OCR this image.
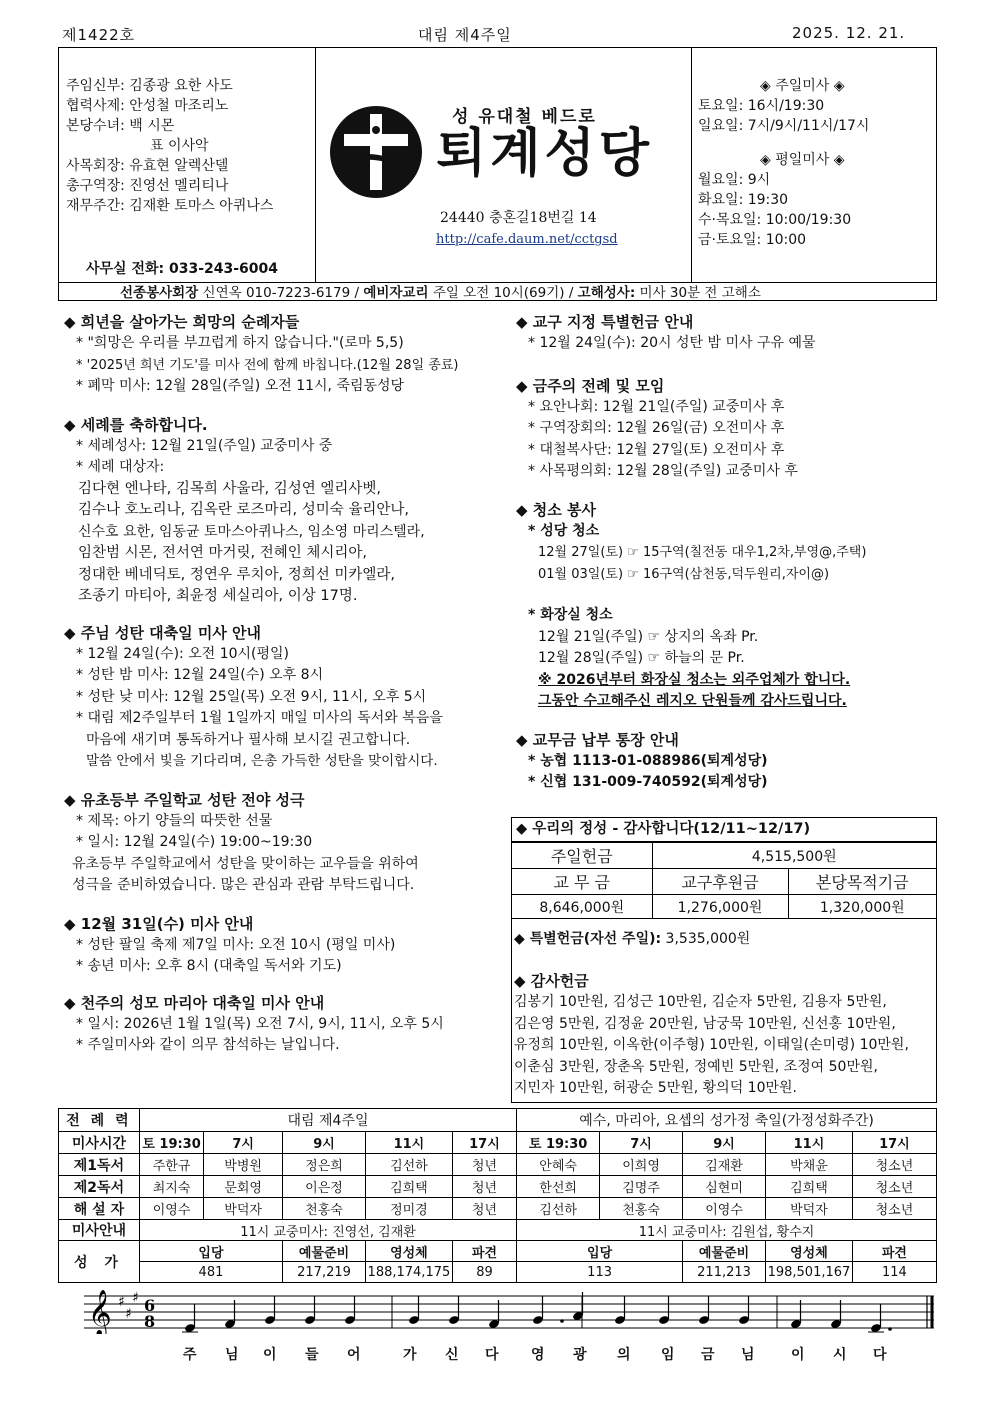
제1422호	대림 제4주일	2025. 12. 21.
주임신부: 김종광 요한 사도
협력사제: 안성철 마조리노
본당수녀: 백 시몬
표 이사악
사목회장: 유효현 알렉산델
총구역장: 진영선 멜리티나
재무주간: 김재환 토마스 아퀴나스
사무실 전화: 033-243-6004
성 유대철 베드로
퇴계성당
24440 충혼길18번길 14
http://cafe.daum.net/cctgsd
◈ 주일미사 ◈
토요일: 16시/19:30
일요일: 7시/9시/11시/17시
◈ 평일미사 ◈
월요일: 9시
화요일: 19:30
수·목요일: 10:00/19:30
금·토요일: 10:00
선종봉사회장 신연옥 010-7223-6179 / 예비자교리 주일 오전 10시(69기) / 고해성사: 미사 30분 전 고해소
◆ 희년을 살아가는 희망의 순례자들
* "희망은 우리를 부끄럽게 하지 않습니다."(로마 5,5)
* '2025년 희년 기도'를 미사 전에 함께 바칩니다.(12월 28일 종료)
* 폐막 미사: 12월 28일(주일) 오전 11시, 죽림동성당
◆ 세례를 축하합니다.
* 세례성사: 12월 21일(주일) 교중미사 중
* 세례 대상자:
김다현 엔나타, 김목희 사울라, 김성연 엘리사벳,
김수나 호노리나, 김옥란 로즈마리, 성미숙 율리안나,
신수호 요한, 임동균 토마스아퀴나스, 임소영 마리스텔라,
임찬범 시몬, 전서연 마거릿, 전혜인 체시리아,
정대한 베네딕토, 정연우 루치아, 정희선 미카엘라,
조종기 마티아, 최윤정 세실리아, 이상 17명.
◆ 주님 성탄 대축일 미사 안내
* 12월 24일(수): 오전 10시(평일)
* 성탄 밤 미사: 12월 24일(수) 오후 8시
* 성탄 낮 미사: 12월 25일(목) 오전 9시, 11시, 오후 5시
* 대림 제2주일부터 1월 1일까지 매일 미사의 독서와 복음을
마음에 새기며 통독하거나 필사해 보시길 권고합니다.
말씀 안에서 빛을 기다리며, 은총 가득한 성탄을 맞이합시다.
◆ 유초등부 주일학교 성탄 전야 성극
* 제목: 아기 양들의 따뜻한 선물
* 일시: 12월 24일(수) 19:00~19:30
유초등부 주일학교에서 성탄을 맞이하는 교우들을 위하여
성극을 준비하였습니다. 많은 관심과 관람 부탁드립니다.
◆ 12월 31일(수) 미사 안내
* 성탄 팔일 축제 제7일 미사: 오전 10시 (평일 미사)
* 송년 미사: 오후 8시 (대축일 독서와 기도)
◆ 천주의 성모 마리아 대축일 미사 안내
* 일시: 2026년 1월 1일(목) 오전 7시, 9시, 11시, 오후 5시
* 주일미사와 같이 의무 참석하는 날입니다.
◆ 교구 지정 특별헌금 안내
* 12월 24일(수): 20시 성탄 밤 미사 구유 예물
◆ 금주의 전례 및 모임
* 요안나회: 12월 21일(주일) 교중미사 후
* 구역장회의: 12월 26일(금) 오전미사 후
* 대철복사단: 12월 27일(토) 오전미사 후
* 사목평의회: 12월 28일(주일) 교중미사 후
◆ 청소 봉사
* 성당 청소
12월 27일(토) ☞ 15구역(칠전동 대우1,2차,부영@,주택)
01월 03일(토) ☞ 16구역(삼천동,덕두원리,자이@)
* 화장실 청소
12월 21일(주일) ☞ 상지의 옥좌 Pr.
12월 28일(주일) ☞ 하늘의 문 Pr.
※ 2026년부터 화장실 청소는 외주업체가 합니다.
그동안 수고해주신 레지오 단원들께 감사드립니다.
◆ 교무금 납부 통장 안내
* 농협 1113-01-088986(퇴계성당)
* 신협 131-009-740592(퇴계성당)
◆ 우리의 정성 - 감사합니다(12/11~12/17)
주일헌금	4,515,500원	
교 무 금	교구후원금	본당목적기금
8,646,000원	1,276,000원	1,320,000원
◆ 특별헌금(자선 주일): 3,535,000원
◆ 감사헌금
김봉기 10만원, 김성근 10만원, 김순자 5만원, 김용자 5만원,
김은영 5만원, 김정윤 20만원, 남궁묵 10만원, 신선홍 10만원,
유정희 10만원, 이옥한(이주형) 10만원, 이태일(손미령) 10만원,
이춘심 3만원, 장춘옥 5만원, 정예빈 5만원, 조정여 50만원,
지민자 10만원, 허광순 5만원, 황의덕 10만원.
전 례 력	대림 제4주일					예수, 마리아, 요셉의 성가정 축일(가정성화주간)				
미사시간	토 19:30	7시	9시	11시	17시	토 19:30	7시	9시	11시	17시
제1독서	주한규	박병원	정은희	김선하	청년	안혜숙	이희영	김재환	박채윤	청소년
제2독서	최지숙	문회영	이은정	김희택	청년	한선희	김명주	심현미	김희택	청소년
해 설 자	이영수	박덕자	천홍숙	정미경	청년	김선하	천홍숙	이영수	박덕자	청소년
미사안내	11시 교중미사: 진영선, 김재환					11시 교중미사: 김원섭, 황수지				
성 가	입당		예물준비	영성체	파견	입당		예물준비	영성체	파견
	481		217,219	188,174,175	89	113		211,213	198,501,167	114
𝄞 ♯
♯
♯ 6
8
주 님 이 들 어	가 신 다 영 광 의 임 금 님	이 시 다
